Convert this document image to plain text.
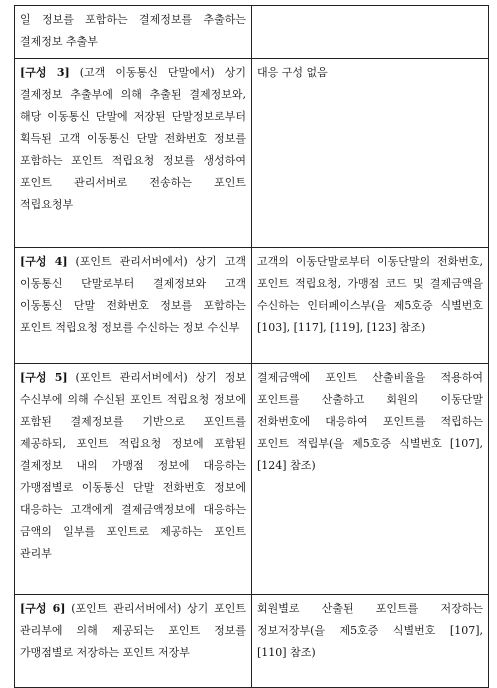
일 정보를 포함하는 결제정보를 추출하는 결제정보 추출부	
[구성 3] (고객 이동통신 단말에서) 상기 결제정보 추출부에 의해 추출된 결제정보와, 해당 이동통신 단말에 저장된 단말정보로부터 획득된 고객 이동통신 단말 전화번호 정보를 포함하는 포인트 적립요청 정보를 생성하여 포인트 관리서버로 전송하는 포인트 적립요청부	대응 구성 없음
[구성 4] (포인트 관리서버에서) 상기 고객 이동통신 단말로부터 결제정보와 고객 이동통신 단말 전화번호 정보를 포함하는 포인트 적립요청 정보를 수신하는 정보 수신부	고객의 이동단말로부터 이동단말의 전화번호, 포인트 적립요청, 가맹점 코드 및 결제금액을 수신하는 인터페이스부(을 제5호증 식별번호 [103], [117], [119], [123] 참조)
[구성 5] (포인트 관리서버에서) 상기 정보 수신부에 의해 수신된 포인트 적립요청 정보에 포함된 결제정보를 기반으로 포인트를 제공하되, 포인트 적립요청 정보에 포함된 결제정보 내의 가맹점 정보에 대응하는 가맹점별로 이동통신 단말 전화번호 정보에 대응하는 고객에게 결제금액정보에 대응하는 금액의 일부를 포인트로 제공하는 포인트 관리부	결제금액에 포인트 산출비율을 적용하여 포인트를 산출하고 회원의 이동단말 전화번호에 대응하여 포인트를 적립하는 포인트 적립부(을 제5호증 식별번호 [107], [124] 참조)
[구성 6] (포인트 관리서버에서) 상기 포인트 관리부에 의해 제공되는 포인트 정보를 가맹점별로 저장하는 포인트 저장부	회원별로 산출된 포인트를 저장하는 정보저장부(을 제5호증 식별번호 [107], [110] 참조)
